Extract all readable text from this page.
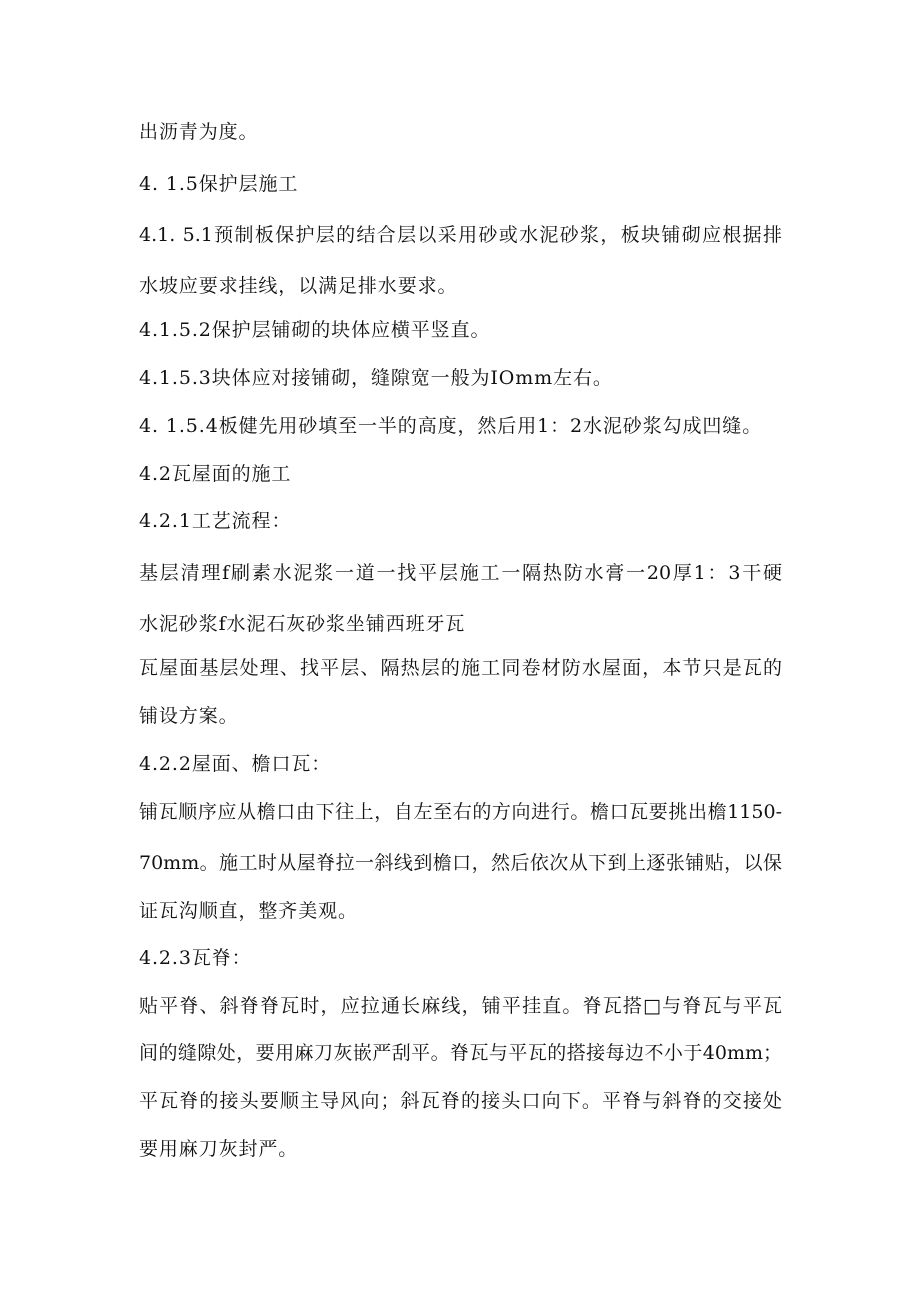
出沥青为度。
4. 1.5保护层施工
4.1. 5.1预制板保护层的结合层以采用砂或水泥砂浆，板块铺砌应根据排
水坡应要求挂线，以满足排水要求。
4.1.5.2保护层铺砌的块体应横平竖直。
4.1.5.3块体应对接铺砌，缝隙宽一般为IOmm左右。
4. 1.5.4板健先用砂填至一半的高度，然后用1：2水泥砂浆勾成凹缝。
4.2瓦屋面的施工
4.2.1工艺流程：
基层清理f刷素水泥浆一道一找平层施工一隔热防水膏一20厚1：3干硬
水泥砂浆f水泥石灰砂浆坐铺西班牙瓦
瓦屋面基层处理、找平层、隔热层的施工同卷材防水屋面，本节只是瓦的
铺设方案。
4.2.2屋面、檐口瓦：
铺瓦顺序应从檐口由下往上，自左至右的方向进行。檐口瓦要挑出檐1150-
70mm。施工时从屋脊拉一斜线到檐口，然后依次从下到上逐张铺贴，以保
证瓦沟顺直，整齐美观。
4.2.3瓦脊：
贴平脊、斜脊脊瓦时，应拉通长麻线，铺平挂直。脊瓦搭□与脊瓦与平瓦
间的缝隙处，要用麻刀灰嵌严刮平。脊瓦与平瓦的搭接每边不小于40mm；
平瓦脊的接头要顺主导风向；斜瓦脊的接头口向下。平脊与斜脊的交接处
要用麻刀灰封严。
